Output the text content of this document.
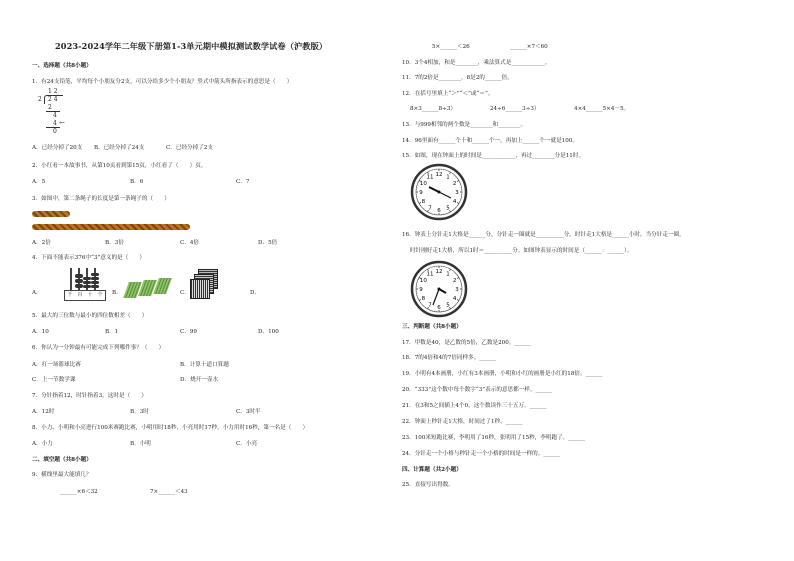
2023-2024学年二年级下册第1-3单元期中模拟测试数学试卷（沪教版）
一、选择题（共8小题）
1．有24支铅笔，平均每个小朋友分2支，可以分给多少个小朋友？竖式中箭头所指表示的意思是（　　）
1 2
2 2 4
2
4
4 ←
0
A．已经分掉了20支 B．已经分掉了24支	C．已经分掉了2支
2．小红看一本故事书，从第10页看到第15页，小红看了（　　）页。
A．5	B．6	C．7
3．如图中，第二条绳子的长度是第一条绳子的（　　）
A．2倍	B．3倍	C．4倍	D．5倍
4．下面不能表示376中“3”意义的是（　　）
A．	千 百 十 个	B．	C．	D．
5．最大的三位数与最小的四位数相差（　　）
A．10	B．1	C．99	D．100
6．你认为一分钟最有可能完成下列哪件事？（　　）
A．打一场篮球比赛	B．计算十道口算题
C．上一节数学课	D．烧开一壶水
7．分针指着12，时针指着3，这时是（　　）
A．12时	B．3时	C．3时半
8．小力、小明和小亮进行100米赛跑比赛，小明用时18秒，小亮用时17秒，小力用时16秒，第一名是（　　）
A．小力	B．小明	C．小亮
二、填空题（共8小题）
9．横线里最大能填几？
______×6＜32	7×______＜43
5×______＜26	______×7＜60
10．3个4相加，和是________，乘法算式是____________。
11．7的2倍是________，8是2的______倍。
12．在括号里填上“＞”“＜”或“＝”。
8×3______8÷3）	24÷6______3÷3）	4×4______5×4－5。
13．与999相邻的两个数是________和________。
14．96里面有______个十和______个一，再加上______个一就是100。
15．如图，现在钟面上的时间是____________，再过________分是11时。
12 1
2
3
4
5
6
7
8
9
10
11
16．钟表上分针走1大格是______分，分针走一圈就是__________分。时针走1大格是______小时，当分针走一圈，
时针刚好走1大格，所以1时＝__________分。如图钟表显示的时间是（______：______）。
12 1
2
3
4
5
6
7
8
9
10
11
三、判断题（共8小题）
17．甲数是40，是乙数的5倍，乙数是200。______
18．7的4倍和4的7倍同样多。______
19．小明有4本画册，小红有3本画册，小明和小红的画册是小红的18倍。______
20．“333”这个数中每个数字“3”表示的意思都一样。______
21．在3和5之间插上4个0，这个数读作三十五万。______
22．钟面上秒针走1大格，时间过了1秒。______
23．100米短跑比赛，李明用了16秒，张明用了15秒，李明跑了。______
24．分针走一个小格与秒针走一个小格的时间是一样的。______
四、计算题（共2小题）
25．直接写出得数。
